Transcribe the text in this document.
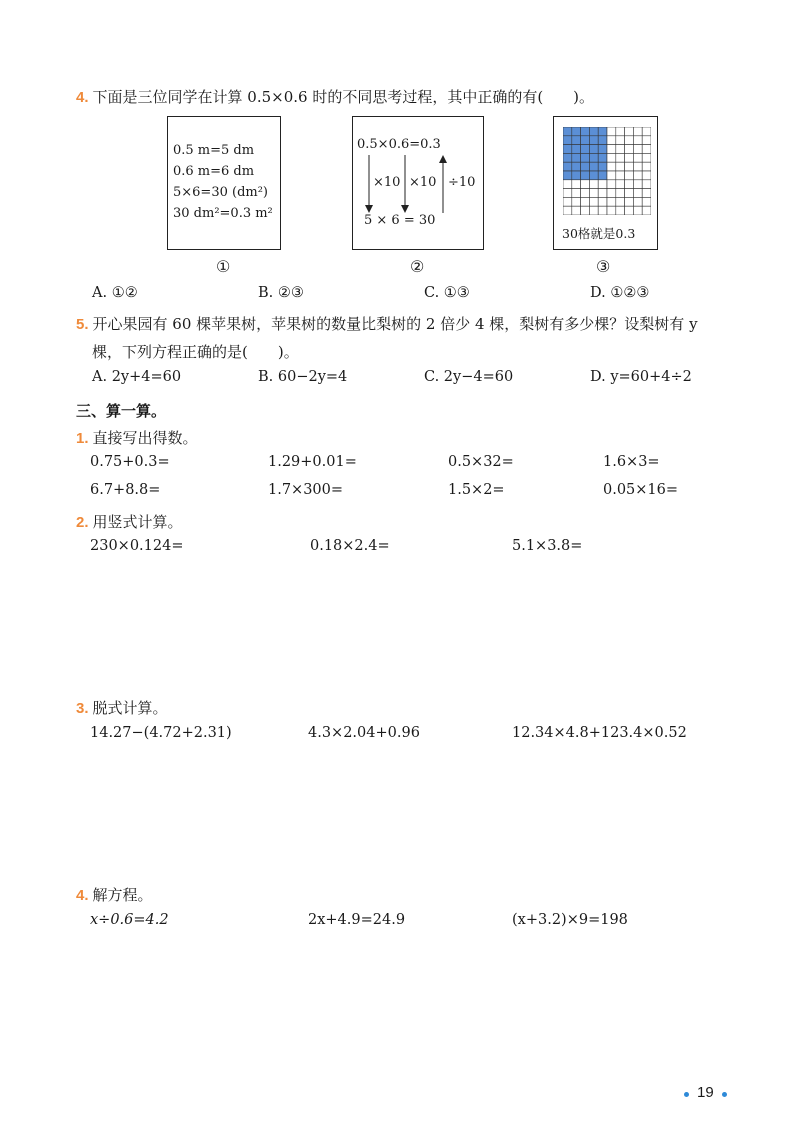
4. 下面是三位同学在计算 0.5×0.6 时的不同思考过程，其中正确的有(　　)。
0.5 m=5 dm
0.6 m=6 dm
5×6=30 (dm²)
30 dm²=0.3 m²
①
0.5×0.6=0.3
×10 ×10 ÷10
5 × 6 = 30
②
30格就是0.3
③
A. ①②	B. ②③	C. ①③	D. ①②③
5. 开心果园有 60 棵苹果树，苹果树的数量比梨树的 2 倍少 4 棵，梨树有多少棵？设梨树有 y
棵，下列方程正确的是(　　)。
A. 2y+4=60	B. 60−2y=4	C. 2y−4=60	D. y=60+4÷2
三、算一算。
1. 直接写出得数。
0.75+0.3=	1.29+0.01=	0.5×32=	1.6×3=
6.7+8.8=	1.7×300=	1.5×2=	0.05×16=
2. 用竖式计算。
230×0.124=	0.18×2.4=	5.1×3.8=
3. 脱式计算。
14.27−(4.72+2.31)	4.3×2.04+0.96	12.34×4.8+123.4×0.52
4. 解方程。
x÷0.6=4.2	2x+4.9=24.9	(x+3.2)×9=198
19
